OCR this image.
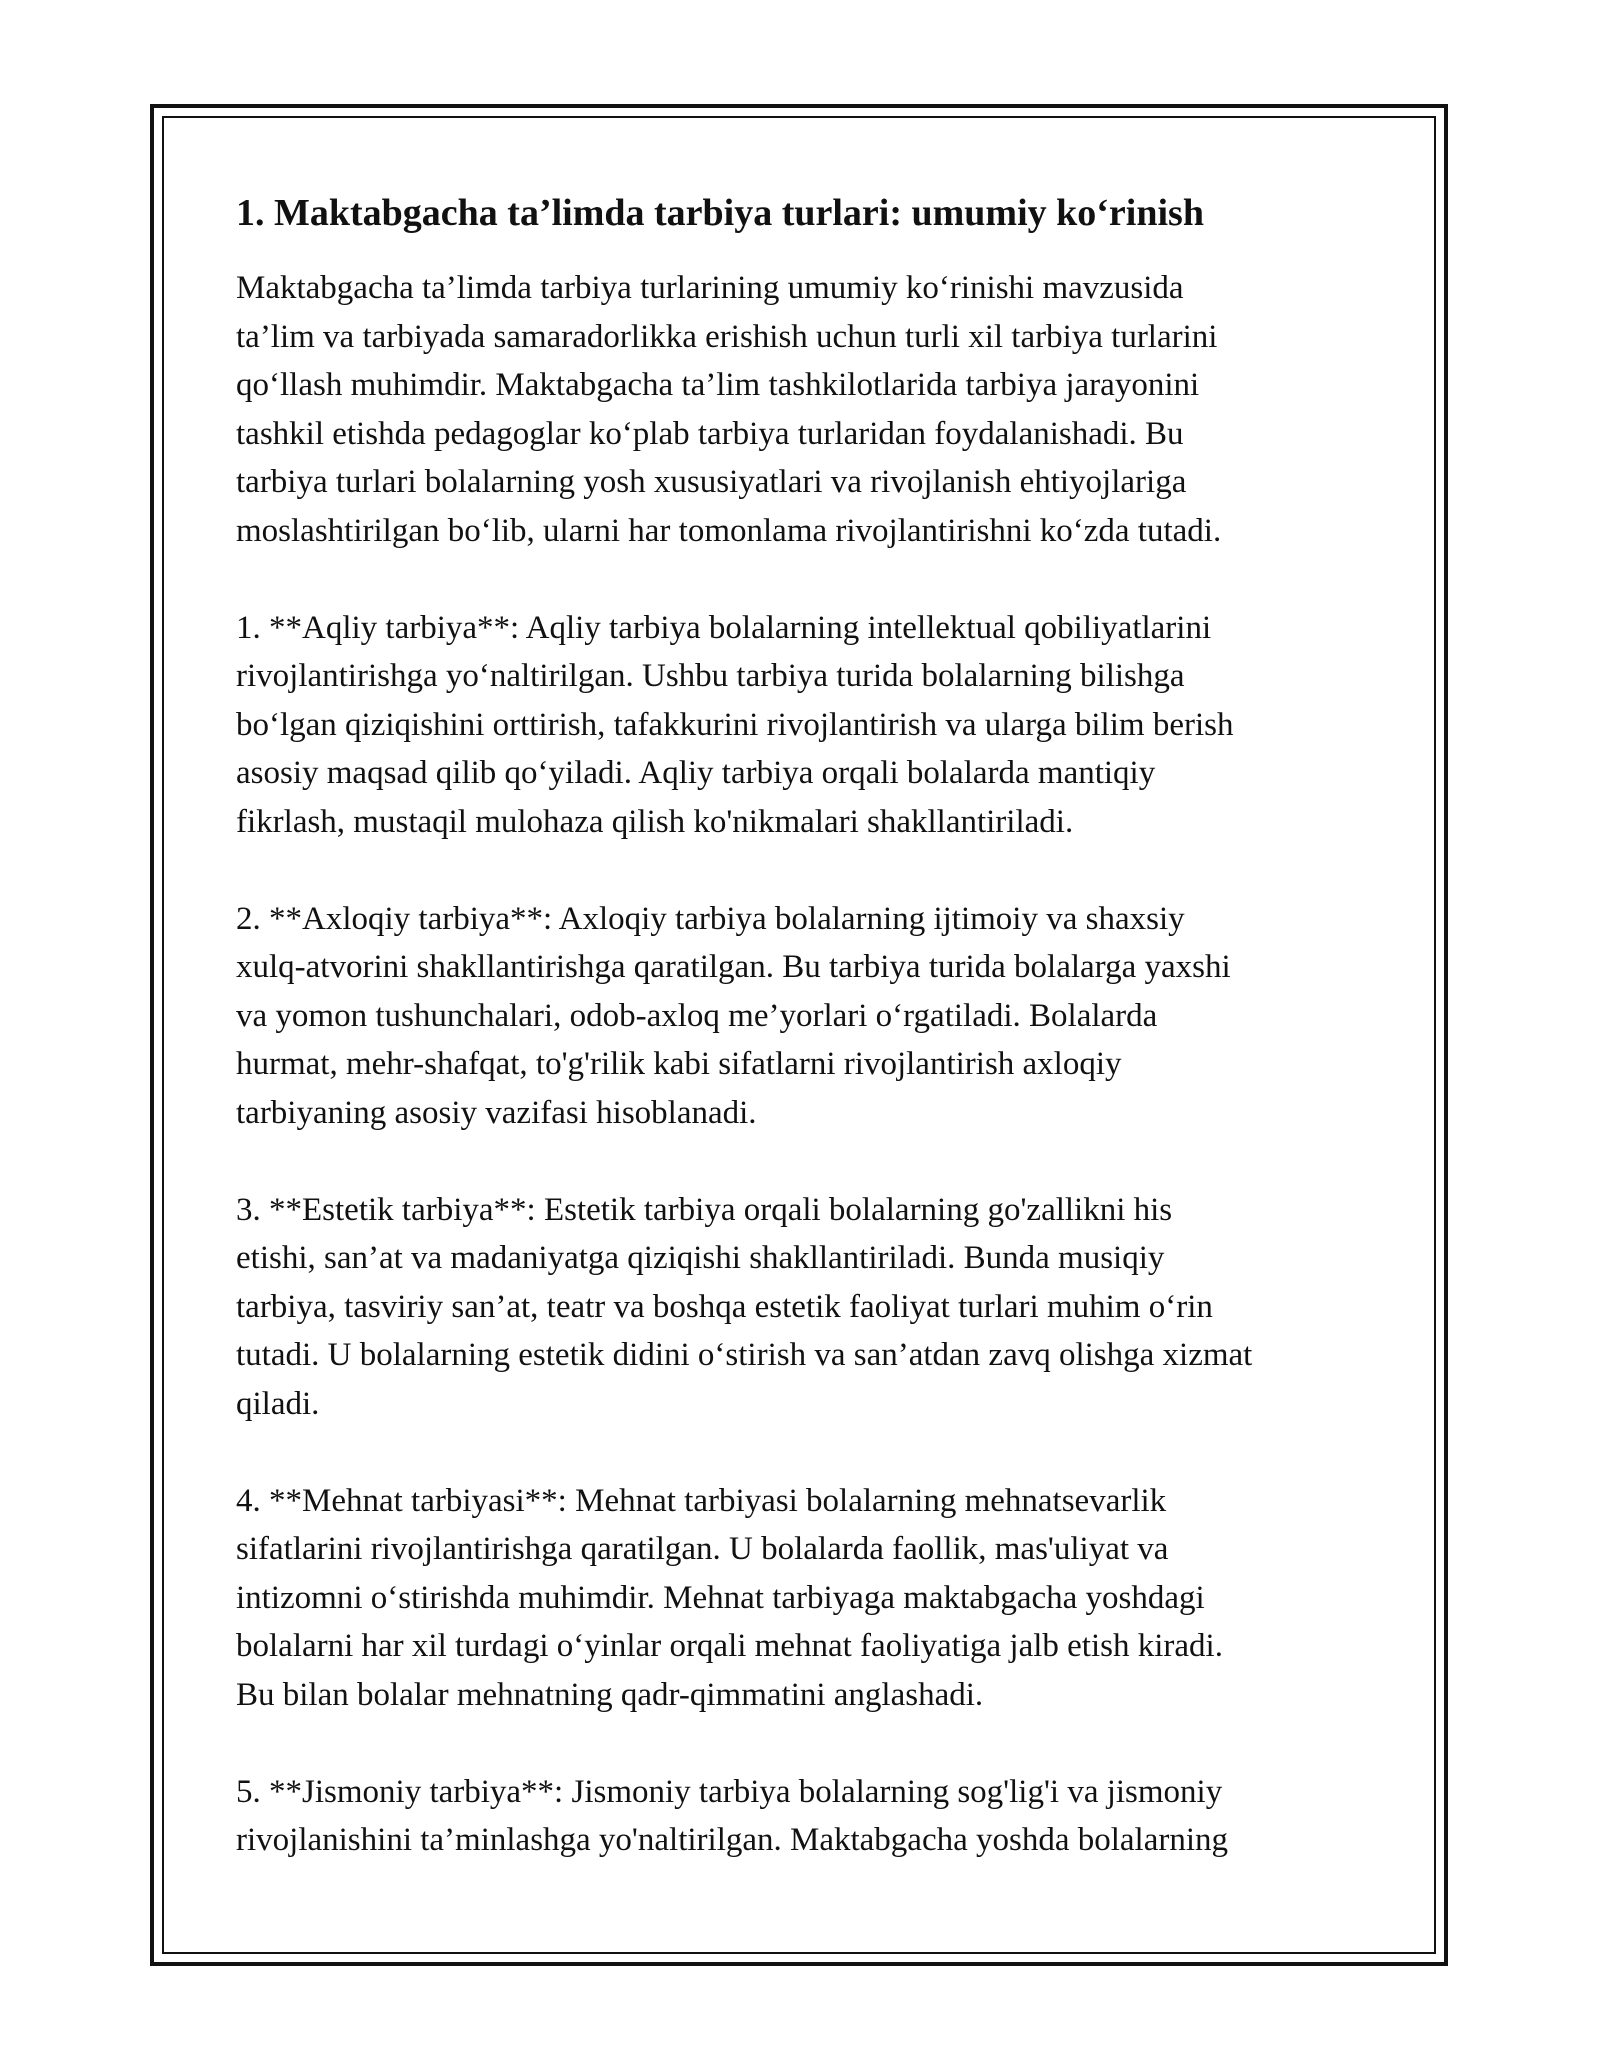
1. Maktabgacha ta’limda tarbiya turlari: umumiy ko‘rinish
Maktabgacha ta’limda tarbiya turlarining umumiy ko‘rinishi mavzusida
ta’lim va tarbiyada samaradorlikka erishish uchun turli xil tarbiya turlarini
qo‘llash muhimdir. Maktabgacha ta’lim tashkilotlarida tarbiya jarayonini
tashkil etishda pedagoglar ko‘plab tarbiya turlaridan foydalanishadi. Bu
tarbiya turlari bolalarning yosh xususiyatlari va rivojlanish ehtiyojlariga
moslashtirilgan bo‘lib, ularni har tomonlama rivojlantirishni ko‘zda tutadi.
1. **Aqliy tarbiya**: Aqliy tarbiya bolalarning intellektual qobiliyatlarini
rivojlantirishga yo‘naltirilgan. Ushbu tarbiya turida bolalarning bilishga
bo‘lgan qiziqishini orttirish, tafakkurini rivojlantirish va ularga bilim berish
asosiy maqsad qilib qo‘yiladi. Aqliy tarbiya orqali bolalarda mantiqiy
fikrlash, mustaqil mulohaza qilish ko'nikmalari shakllantiriladi.
2. **Axloqiy tarbiya**: Axloqiy tarbiya bolalarning ijtimoiy va shaxsiy
xulq-atvorini shakllantirishga qaratilgan. Bu tarbiya turida bolalarga yaxshi
va yomon tushunchalari, odob-axloq me’yorlari o‘rgatiladi. Bolalarda
hurmat, mehr-shafqat, to'g'rilik kabi sifatlarni rivojlantirish axloqiy
tarbiyaning asosiy vazifasi hisoblanadi.
3. **Estetik tarbiya**: Estetik tarbiya orqali bolalarning go'zallikni his
etishi, san’at va madaniyatga qiziqishi shakllantiriladi. Bunda musiqiy
tarbiya, tasviriy san’at, teatr va boshqa estetik faoliyat turlari muhim o‘rin
tutadi. U bolalarning estetik didini o‘stirish va san’atdan zavq olishga xizmat
qiladi.
4. **Mehnat tarbiyasi**: Mehnat tarbiyasi bolalarning mehnatsevarlik
sifatlarini rivojlantirishga qaratilgan. U bolalarda faollik, mas'uliyat va
intizomni o‘stirishda muhimdir. Mehnat tarbiyaga maktabgacha yoshdagi
bolalarni har xil turdagi o‘yinlar orqali mehnat faoliyatiga jalb etish kiradi.
Bu bilan bolalar mehnatning qadr-qimmatini anglashadi.
5. **Jismoniy tarbiya**: Jismoniy tarbiya bolalarning sog'lig'i va jismoniy
rivojlanishini ta’minlashga yo'naltirilgan. Maktabgacha yoshda bolalarning
